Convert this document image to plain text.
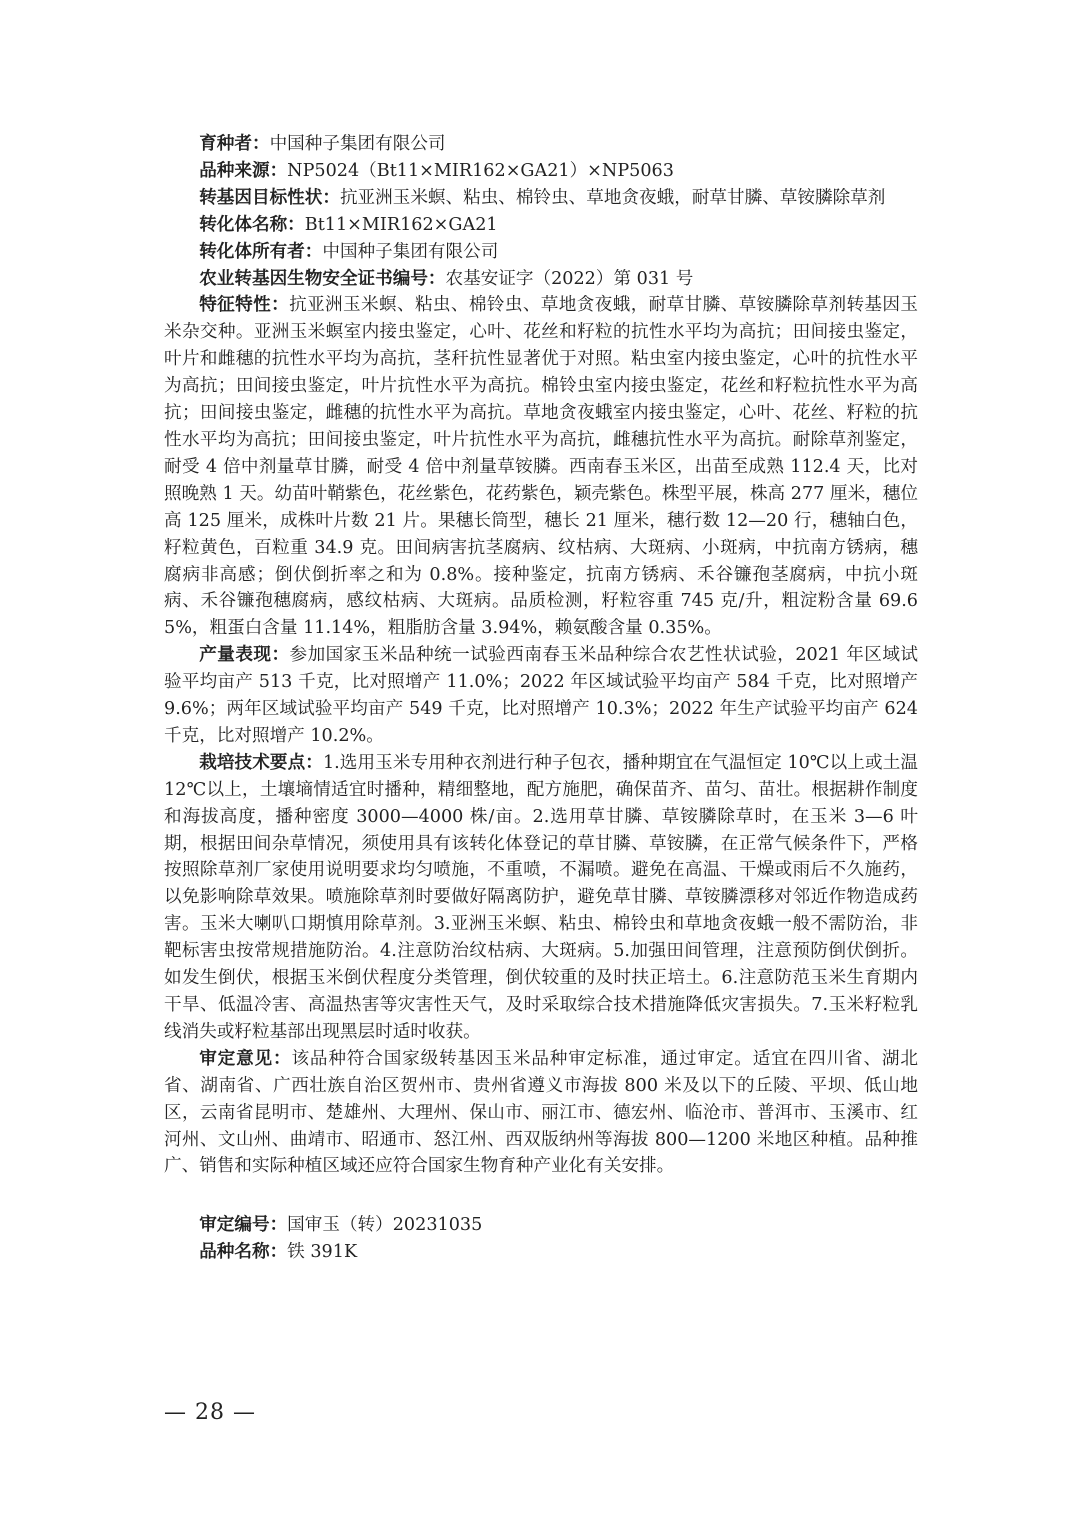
育种者：中国种子集团有限公司

品种来源：NP5024（Bt11×MIR162×GA21）×NP5063

转基因目标性状：抗亚洲玉米螟、粘虫、棉铃虫、草地贪夜蛾，耐草甘膦、草铵膦除草剂

转化体名称：Bt11×MIR162×GA21

转化体所有者：中国种子集团有限公司

农业转基因生物安全证书编号：农基安证字（2022）第 031 号

特征特性：抗亚洲玉米螟、粘虫、棉铃虫、草地贪夜蛾，耐草甘膦、草铵膦除草剂转基因玉米杂交种。亚洲玉米螟室内接虫鉴定，心叶、花丝和籽粒的抗性水平均为高抗；田间接虫鉴定，叶片和雌穗的抗性水平均为高抗，茎秆抗性显著优于对照。粘虫室内接虫鉴定，心叶的抗性水平为高抗；田间接虫鉴定，叶片抗性水平为高抗。棉铃虫室内接虫鉴定，花丝和籽粒抗性水平为高抗；田间接虫鉴定，雌穗的抗性水平为高抗。草地贪夜蛾室内接虫鉴定，心叶、花丝、籽粒的抗性水平均为高抗；田间接虫鉴定，叶片抗性水平为高抗，雌穗抗性水平为高抗。耐除草剂鉴定，耐受 4 倍中剂量草甘膦，耐受 4 倍中剂量草铵膦。西南春玉米区，出苗至成熟 112.4 天，比对照晚熟 1 天。幼苗叶鞘紫色，花丝紫色，花药紫色，颖壳紫色。株型平展，株高 277 厘米，穗位高 125 厘米，成株叶片数 21 片。果穗长筒型，穗长 21 厘米，穗行数 12—20 行，穗轴白色，籽粒黄色，百粒重 34.9 克。田间病害抗茎腐病、纹枯病、大斑病、小斑病，中抗南方锈病，穗腐病非高感；倒伏倒折率之和为 0.8%。接种鉴定，抗南方锈病、禾谷镰孢茎腐病，中抗小斑病、禾谷镰孢穗腐病，感纹枯病、大斑病。品质检测，籽粒容重 745 克/升，粗淀粉含量 69.65%，粗蛋白含量 11.14%，粗脂肪含量 3.94%，赖氨酸含量 0.35%。

产量表现：参加国家玉米品种统一试验西南春玉米品种综合农艺性状试验，2021 年区域试验平均亩产 513 千克，比对照增产 11.0%；2022 年区域试验平均亩产 584 千克，比对照增产 9.6%；两年区域试验平均亩产 549 千克，比对照增产 10.3%；2022 年生产试验平均亩产 624 千克，比对照增产 10.2%。

栽培技术要点：1.选用玉米专用种衣剂进行种子包衣，播种期宜在气温恒定 10℃以上或土温 12℃以上，土壤墒情适宜时播种，精细整地，配方施肥，确保苗齐、苗匀、苗壮。根据耕作制度和海拔高度，播种密度 3000—4000 株/亩。2.选用草甘膦、草铵膦除草时，在玉米 3—6 叶期，根据田间杂草情况，须使用具有该转化体登记的草甘膦、草铵膦，在正常气候条件下，严格按照除草剂厂家使用说明要求均匀喷施，不重喷，不漏喷。避免在高温、干燥或雨后不久施药，以免影响除草效果。喷施除草剂时要做好隔离防护，避免草甘膦、草铵膦漂移对邻近作物造成药害。玉米大喇叭口期慎用除草剂。3.亚洲玉米螟、粘虫、棉铃虫和草地贪夜蛾一般不需防治，非靶标害虫按常规措施防治。4.注意防治纹枯病、大斑病。5.加强田间管理，注意预防倒伏倒折。如发生倒伏，根据玉米倒伏程度分类管理，倒伏较重的及时扶正培土。6.注意防范玉米生育期内干旱、低温冷害、高温热害等灾害性天气，及时采取综合技术措施降低灾害损失。7.玉米籽粒乳线消失或籽粒基部出现黑层时适时收获。

审定意见：该品种符合国家级转基因玉米品种审定标准，通过审定。适宜在四川省、湖北省、湖南省、广西壮族自治区贺州市、贵州省遵义市海拔 800 米及以下的丘陵、平坝、低山地区，云南省昆明市、楚雄州、大理州、保山市、丽江市、德宏州、临沧市、普洱市、玉溪市、红河州、文山州、曲靖市、昭通市、怒江州、西双版纳州等海拔 800—1200 米地区种植。品种推广、销售和实际种植区域还应符合国家生物育种产业化有关安排。

审定编号：国审玉（转）20231035

品种名称：铁 391K

— 28 —
